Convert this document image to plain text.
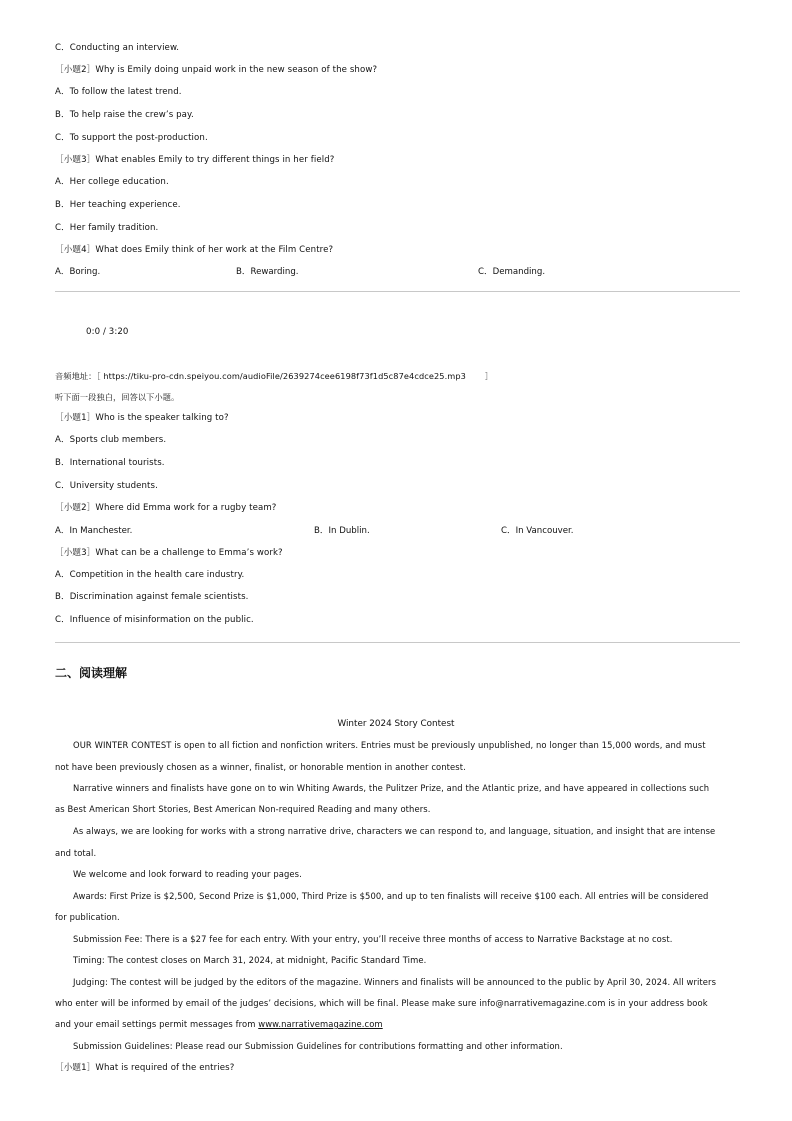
C．Conducting an interview.
［小题2］Why is Emily doing unpaid work in the new season of the show?
A．To follow the latest trend.
B．To help raise the crew’s pay.
C．To support the post-production.
［小题3］What enables Emily to try different things in her field?
A．Her college education.
B．Her teaching experience.
C．Her family tradition.
［小题4］What does Emily think of her work at the Film Centre?
A．Boring.	B．Rewarding.	C．Demanding.
0:0 / 3:20
音频地址：［ https://tiku-pro-cdn.speiyou.com/audioFile/2639274cee6198f73f1d5c87e4cdce25.mp3 ］
听下面一段独白，回答以下小题。
［小题1］Who is the speaker talking to?
A．Sports club members.
B．International tourists.
C．University students.
［小题2］Where did Emma work for a rugby team?
A．In Manchester.	B．In Dublin.	C．In Vancouver.
［小题3］What can be a challenge to Emma’s work?
A．Competition in the health care industry.
B．Discrimination against female scientists.
C．Influence of misinformation on the public.
二、阅读理解
Winter 2024 Story Contest
OUR WINTER CONTEST is open to all fiction and nonfiction writers. Entries must be previously unpublished, no longer than 15,000 words, and must
not have been previously chosen as a winner, finalist, or honorable mention in another contest.
Narrative winners and finalists have gone on to win Whiting Awards, the Pulitzer Prize, and the Atlantic prize, and have appeared in collections such
as Best American Short Stories, Best American Non-required Reading and many others.
As always, we are looking for works with a strong narrative drive, characters we can respond to, and language, situation, and insight that are intense
and total.
We welcome and look forward to reading your pages.
Awards: First Prize is $2,500, Second Prize is $1,000, Third Prize is $500, and up to ten finalists will receive $100 each. All entries will be considered
for publication.
Submission Fee: There is a $27 fee for each entry. With your entry, you’ll receive three months of access to Narrative Backstage at no cost.
Timing: The contest closes on March 31, 2024, at midnight, Pacific Standard Time.
Judging: The contest will be judged by the editors of the magazine. Winners and finalists will be announced to the public by April 30, 2024. All writers
who enter will be informed by email of the judges’ decisions, which will be final. Please make sure info@narrativemagazine.com is in your address book
and your email settings permit messages from www.narrativemagazine.com
Submission Guidelines: Please read our Submission Guidelines for contributions formatting and other information.
［小题1］What is required of the entries?
